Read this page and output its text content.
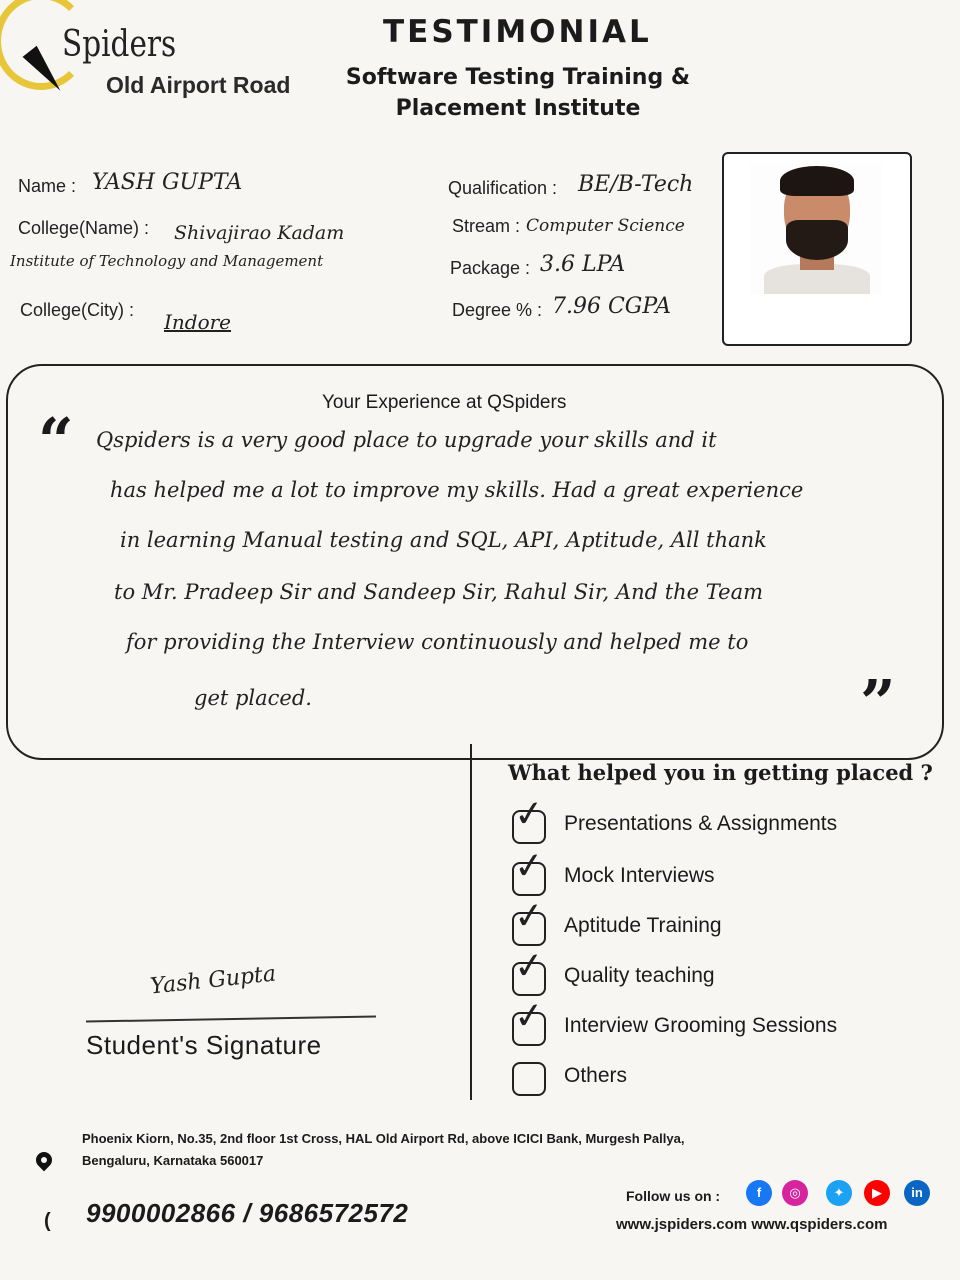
Spiders
Old Airport Road
TESTIMONIAL
Software Testing Training & Placement Institute
Name : YASH GUPTA
College(Name) : Shivajirao Kadam
Institute of Technology and Management
College(City) : Indore
Qualification : BE/B-Tech
Stream : Computer Science
Package : 3.6 LPA
Degree % : 7.96 CGPA
Your Experience at QSpiders
“
”
Qspiders is a very good place to upgrade your skills and it
has helped me a lot to improve my skills. Had a great experience
in learning Manual testing and SQL, API, Aptitude, All thank
to Mr. Pradeep Sir and Sandeep Sir, Rahul Sir, And the Team
for providing the Interview continuously and helped me to
get placed.
What helped you in getting placed ?
✓ Presentations & Assignments
✓ Mock Interviews
✓ Aptitude Training
✓ Quality teaching
✓ Interview Grooming Sessions
Others
Yash Gupta
Student's Signature
Phoenix Kiorn, No.35, 2nd floor 1st Cross, HAL Old Airport Rd, above ICICI Bank, Murgesh Pallya,
Bengaluru, Karnataka 560017
( 9900002866 / 9686572572
Follow us on :	f	◎	✦	▶	in
www.jspiders.com www.qspiders.com
